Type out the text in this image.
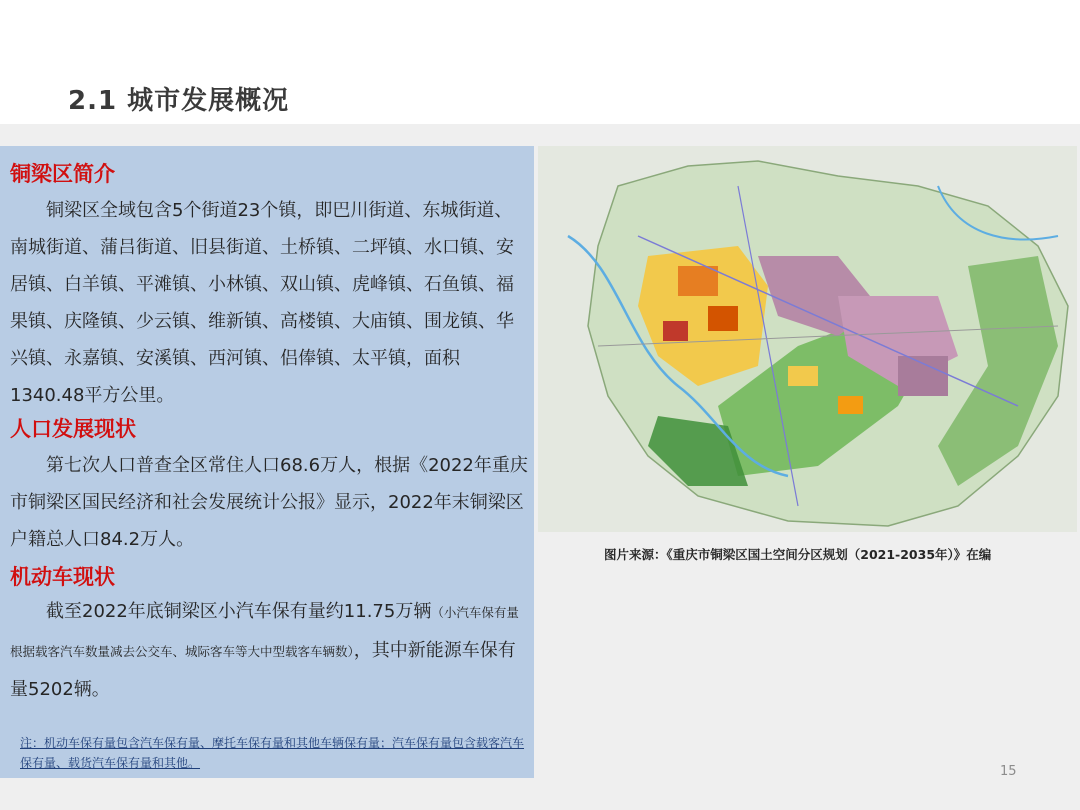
2.1 城市发展概况
铜梁区简介
铜梁区全域包含5个街道23个镇，即巴川街道、东城街道、南城街道、蒲吕街道、旧县街道、土桥镇、二坪镇、水口镇、安居镇、白羊镇、平滩镇、小林镇、双山镇、虎峰镇、石鱼镇、福果镇、庆隆镇、少云镇、维新镇、高楼镇、大庙镇、围龙镇、华兴镇、永嘉镇、安溪镇、西河镇、侣俸镇、太平镇，面积1340.48平方公里。
人口发展现状
第七次人口普查全区常住人口68.6万人，根据《2022年重庆市铜梁区国民经济和社会发展统计公报》显示，2022年末铜梁区户籍总人口84.2万人。
机动车现状
截至2022年底铜梁区小汽车保有量约11.75万辆（小汽车保有量根据载客汽车数量减去公交车、城际客车等大中型载客车辆数），其中新能源车保有量5202辆。
注：机动车保有量包含汽车保有量、摩托车保有量和其他车辆保有量；汽车保有量包含载客汽车保有量、载货汽车保有量和其他。
图片来源：《重庆市铜梁区国土空间分区规划（2021-2035年）》在编
15
